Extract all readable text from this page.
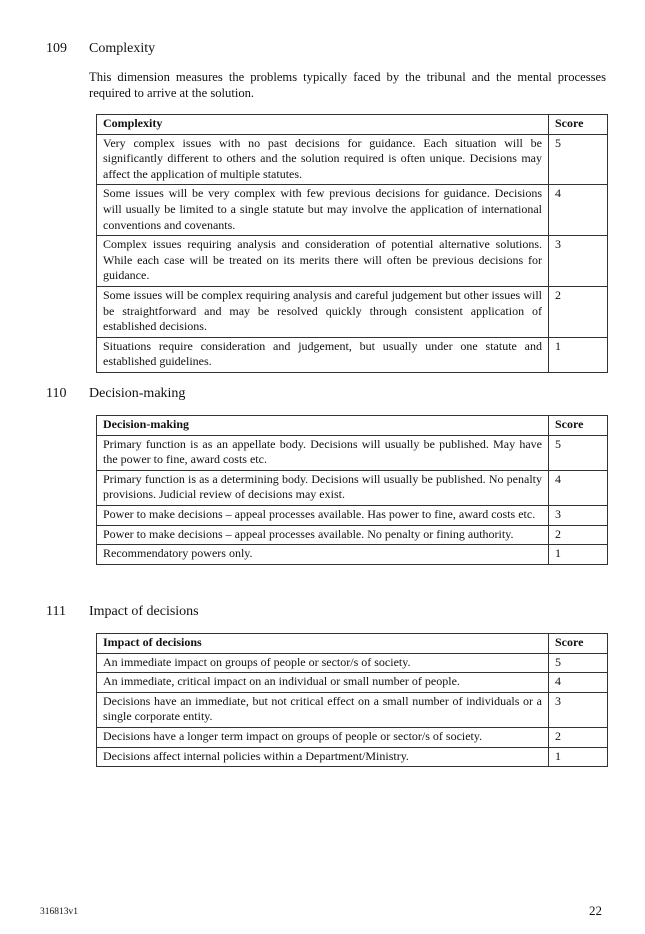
109 Complexity
This dimension measures the problems typically faced by the tribunal and the mental processes required to arrive at the solution.
Complexity	Score
Very complex issues with no past decisions for guidance. Each situation will be significantly different to others and the solution required is often unique. Decisions may affect the application of multiple statutes.	5
Some issues will be very complex with few previous decisions for guidance. Decisions will usually be limited to a single statute but may involve the application of international conventions and covenants.	4
Complex issues requiring analysis and consideration of potential alternative solutions. While each case will be treated on its merits there will often be previous decisions for guidance.	3
Some issues will be complex requiring analysis and careful judgement but other issues will be straightforward and may be resolved quickly through consistent application of established decisions.	2
Situations require consideration and judgement, but usually under one statute and established guidelines.	1
110 Decision-making
Decision-making	Score
Primary function is as an appellate body. Decisions will usually be published. May have the power to fine, award costs etc.	5
Primary function is as a determining body. Decisions will usually be published. No penalty provisions. Judicial review of decisions may exist.	4
Power to make decisions – appeal processes available. Has power to fine, award costs etc.	3
Power to make decisions – appeal processes available. No penalty or fining authority.	2
Recommendatory powers only.	1
111 Impact of decisions
Impact of decisions	Score
An immediate impact on groups of people or sector/s of society.	5
An immediate, critical impact on an individual or small number of people.	4
Decisions have an immediate, but not critical effect on a small number of individuals or a single corporate entity.	3
Decisions have a longer term impact on groups of people or sector/s of society.	2
Decisions affect internal policies within a Department/Ministry.	1
316813v1	22
